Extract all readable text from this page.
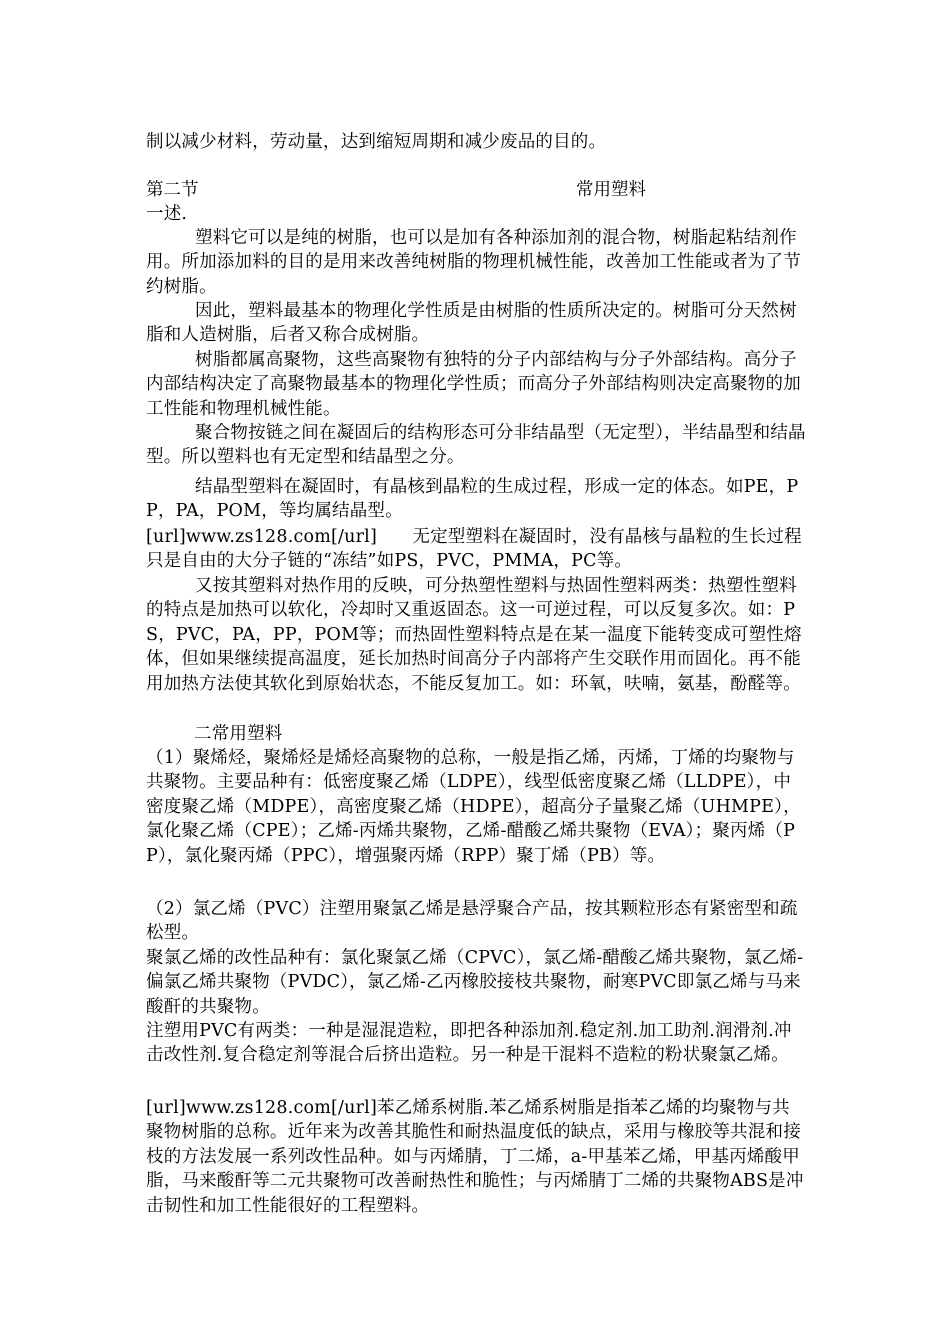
制以减少材料，劳动量，达到缩短周期和减少废品的目的。

第二节	常用塑料

一述.

塑料它可以是纯的树脂，也可以是加有各种添加剂的混合物，树脂起粘结剂作用。所加添加料的目的是用来改善纯树脂的物理机械性能，改善加工性能或者为了节约树脂。

因此，塑料最基本的物理化学性质是由树脂的性质所决定的。树脂可分天然树脂和人造树脂，后者又称合成树脂。

树脂都属高聚物，这些高聚物有独特的分子内部结构与分子外部结构。高分子内部结构决定了高聚物最基本的物理化学性质；而高分子外部结构则决定高聚物的加工性能和物理机械性能。

聚合物按链之间在凝固后的结构形态可分非结晶型（无定型），半结晶型和结晶型。所以塑料也有无定型和结晶型之分。

结晶型塑料在凝固时，有晶核到晶粒的生成过程，形成一定的体态。如PE，PP，PA，POM，等均属结晶型。

[url]www.zs128.com[/url]　　无定型塑料在凝固时，没有晶核与晶粒的生长过程只是自由的大分子链的“冻结”如PS，PVC，PMMA，PC等。

又按其塑料对热作用的反映，可分热塑性塑料与热固性塑料两类：热塑性塑料的特点是加热可以软化，冷却时又重返固态。这一可逆过程，可以反复多次。如：PS，PVC，PA，PP，POM等；而热固性塑料特点是在某一温度下能转变成可塑性熔体，但如果继续提高温度，延长加热时间高分子内部将产生交联作用而固化。再不能用加热方法使其软化到原始状态，不能反复加工。如：环氧，呋喃，氨基，酚醛等。

二常用塑料

（1）聚烯烃，聚烯烃是烯烃高聚物的总称，一般是指乙烯，丙烯，丁烯的均聚物与共聚物。主要品种有：低密度聚乙烯（LDPE），线型低密度聚乙烯（LLDPE），中密度聚乙烯（MDPE），高密度聚乙烯（HDPE），超高分子量聚乙烯（UHMPE），氯化聚乙烯（CPE）；乙烯-丙烯共聚物，乙烯-醋酸乙烯共聚物（EVA）；聚丙烯（PP），氯化聚丙烯（PPC），增强聚丙烯（RPP）聚丁烯（PB）等。

（2）氯乙烯（PVC）注塑用聚氯乙烯是悬浮聚合产品，按其颗粒形态有紧密型和疏松型。

聚氯乙烯的改性品种有：氯化聚氯乙烯（CPVC），氯乙烯-醋酸乙烯共聚物，氯乙烯-偏氯乙烯共聚物（PVDC），氯乙烯-乙丙橡胶接枝共聚物，耐寒PVC即氯乙烯与马来酸酐的共聚物。

注塑用PVC有两类：一种是湿混造粒，即把各种添加剂.稳定剂.加工助剂.润滑剂.冲击改性剂.复合稳定剂等混合后挤出造粒。另一种是干混料不造粒的粉状聚氯乙烯。

[url]www.zs128.com[/url]苯乙烯系树脂.苯乙烯系树脂是指苯乙烯的均聚物与共聚物树脂的总称。近年来为改善其脆性和耐热温度低的缺点，采用与橡胶等共混和接枝的方法发展一系列改性品种。如与丙烯腈，丁二烯，a-甲基苯乙烯，甲基丙烯酸甲脂，马来酸酐等二元共聚物可改善耐热性和脆性；与丙烯腈丁二烯的共聚物ABS是冲击韧性和加工性能很好的工程塑料。
